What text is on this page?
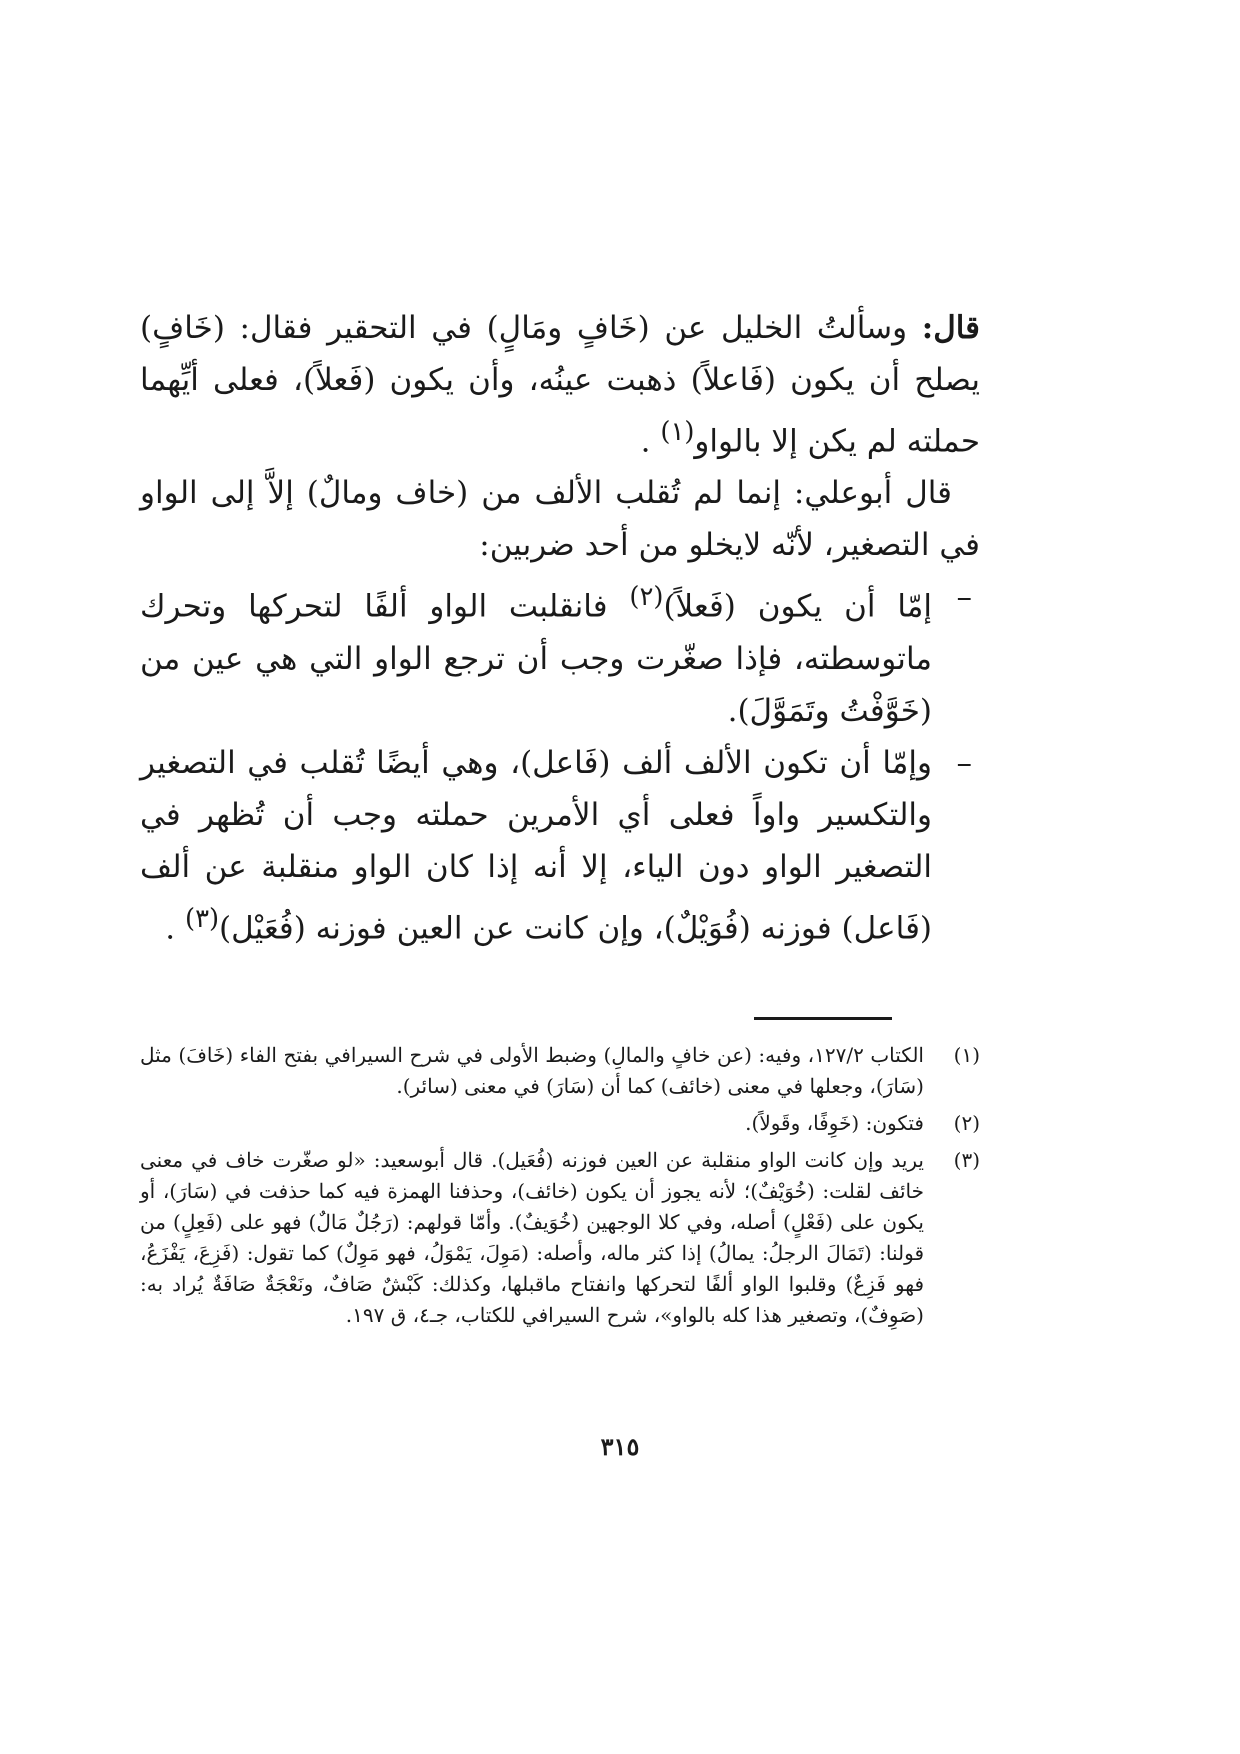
قال: وسألتُ الخليل عن (خَافٍ ومَالٍ) في التحقير فقال: (خَافٍ) يصلح أن يكون (فَاعلاً) ذهبت عينُه، وأن يكون (فَعلاً)، فعلى أيِّهما حملته لم يكن إلا بالواو$^{(١)}$ .

قال أبوعلي: إنما لم تُقلب الألف من (خاف ومالٌ) إلاَّ إلى الواو في التصغير، لأنّه لايخلو من أحد ضربين:

–
إمّا أن يكون (فَعلاً)$^{(٢)}$ فانقلبت الواو ألفًا لتحركها وتحرك ماتوسطته، فإذا صغّرت وجب أن ترجع الواو التي هي عين من (خَوَّفْتُ وتَمَوَّلَ).
–
وإمّا أن تكون الألف ألف (فَاعل)، وهي أيضًا تُقلب في التصغير والتكسير واواً فعلى أي الأمرين حملته وجب أن تُظهر في التصغير الواو دون الياء، إلا أنه إذا كان الواو منقلبة عن ألف (فَاعل) فوزنه (فُوَيْلٌ)، وإن كانت عن العين فوزنه (فُعَيْل)$^{(٣)}$ .
(١)
الكتاب ١٢٧/٢، وفيه: (عن خافٍ والمالِ) وضبط الأولى في شرح السيرافي بفتح الفاء (خَافَ) مثل (سَارَ)، وجعلها في معنى (خائف) كما أن (سَارَ) في معنى (سائر).
(٢)
فتكون: (خَوِفًا، وقَولاً).
(٣)
يريد وإن كانت الواو منقلبة عن العين فوزنه (فُعَيل). قال أبوسعيد: «لو صغّرت خاف في معنى خائف لقلت: (خُوَيْفٌ)؛ لأنه يجوز أن يكون (خائف)، وحذفنا الهمزة فيه كما حذفت في (سَارَ)، أو يكون على (فَعْلٍ) أصله، وفي كلا الوجهين (خُوَيفٌ). وأمّا قولهم: (رَجُلٌ مَالٌ) فهو على (فَعِلٍ) من قولنا: (تَمَالَ الرجلُ: يمالُ) إذا كثر ماله، وأصله: (مَوِلَ، يَمْوَلُ، فهو مَوِلٌ) كما تقول: (فَزِعَ، يَفْزَعُ، فهو فَزِعٌ) وقلبوا الواو ألفًا لتحركها وانفتاح ماقبلها، وكذلك: كَبْشٌ صَافٌ، ونَعْجَةٌ صَافَةٌ يُراد به: (صَوِفٌ)، وتصغير هذا كله بالواو»، شرح السيرافي للكتاب، جـ٤، ق ١٩٧.
٣١٥
